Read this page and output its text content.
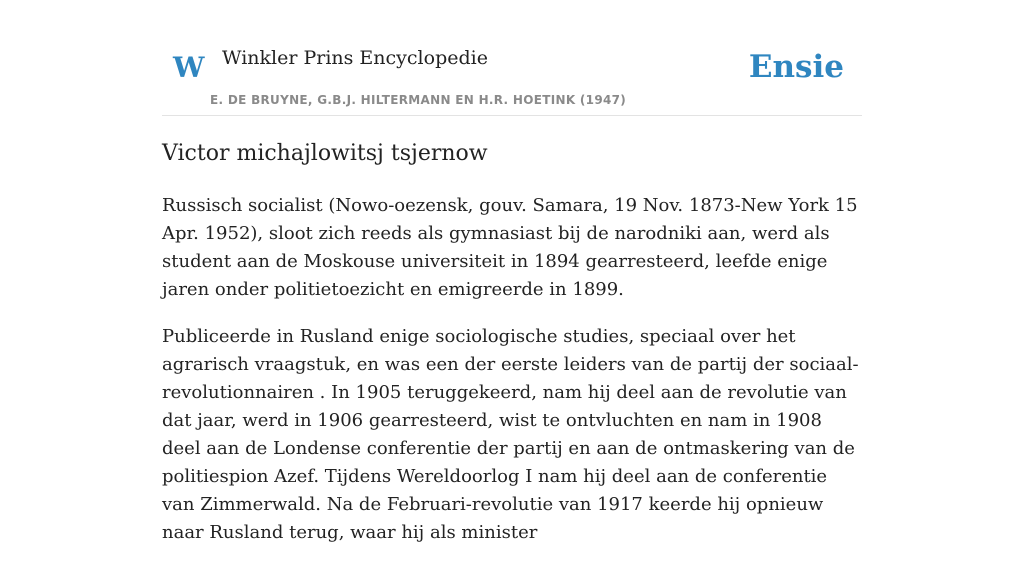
W Winkler Prins Encyclopedie
E. DE BRUYNE, G.B.J. HILTERMANN EN H.R. HOETINK (1947)
Ensie
Victor michajlowitsj tsjernow

Russisch socialist (Nowo-oezensk, gouv. Samara, 19 Nov. 1873-New York 15 Apr. 1952), sloot zich reeds als gymnasiast bij de narodniki aan, werd als student aan de Moskouse universiteit in 1894 gearresteerd, leefde enige jaren onder politietoezicht en emigreerde in 1899.

Publiceerde in Rusland enige sociologische studies, speciaal over het agrarisch vraagstuk, en was een der eerste leiders van de partij der sociaal-revolutionnairen . In 1905 teruggekeerd, nam hij deel aan de revolutie van dat jaar, werd in 1906 gearresteerd, wist te ontvluchten en nam in 1908 deel aan de Londense conferentie der partij en aan de ontmaskering van de politiespion Azef. Tijdens Wereldoorlog I nam hij deel aan de conferentie van Zimmerwald. Na de Februari-revolutie van 1917 keerde hij opnieuw naar Rusland terug, waar hij als minister
